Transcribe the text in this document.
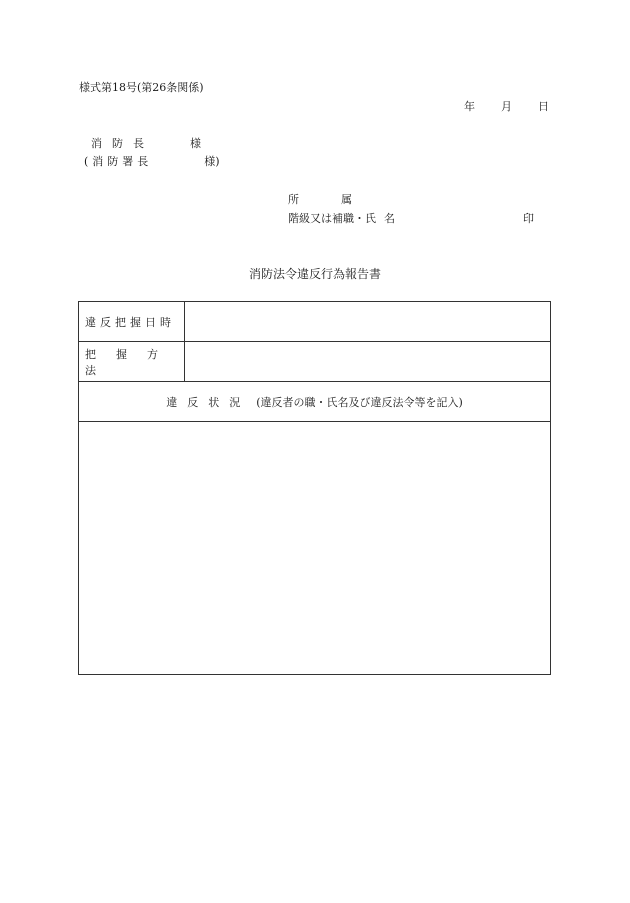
様式第18号(第26条関係)
年 月 日
消防長	様
(消防署長	様)
所	属
階級又は補職・氏 名	印
消防法令違反行為報告書
違反把握日時	
把握方法	
違反状況 (違反者の職・氏名及び違反法令等を記入)	
